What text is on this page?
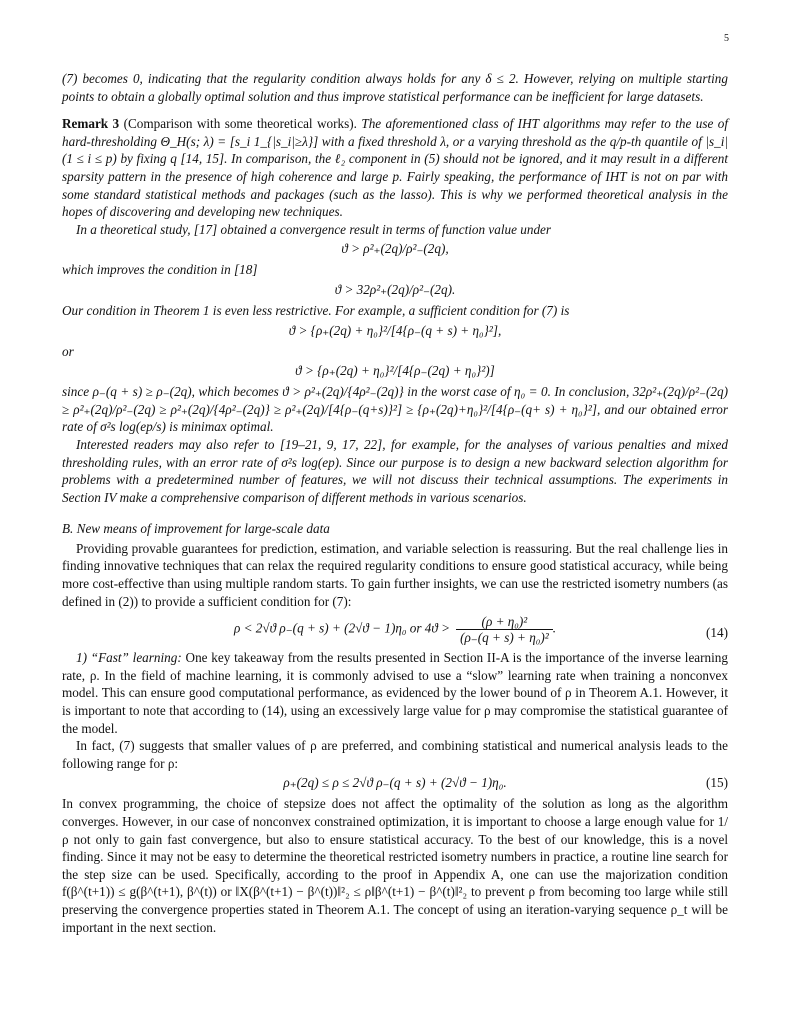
5

(7) becomes 0, indicating that the regularity condition always holds for any δ ≤ 2. However, relying on multiple starting points to obtain a globally optimal solution and thus improve statistical performance can be inefficient for large datasets.

Remark 3 (Comparison with some theoretical works). The aforementioned class of IHT algorithms may refer to the use of hard-thresholding Θ_H(s; λ) = [s_i 1_{|s_i|≥λ}] with a fixed threshold λ, or a varying threshold as the q/p-th quantile of |s_i| (1 ≤ i ≤ p) by fixing q [14, 15]. In comparison, the ℓ₂ component in (5) should not be ignored, and it may result in a different sparsity pattern in the presence of high coherence and large p. Fairly speaking, the performance of IHT is not on par with some standard statistical methods and packages (such as the lasso). This is why we performed theoretical analysis in the hopes of discovering and developing new techniques.

In a theoretical study, [17] obtained a convergence result in terms of function value under

ϑ > ρ²₊(2q)/ρ²₋(2q),

which improves the condition in [18]

ϑ > 32ρ²₊(2q)/ρ²₋(2q).

Our condition in Theorem 1 is even less restrictive. For example, a sufficient condition for (7) is

ϑ > {ρ₊(2q) + η₀}²/[4{ρ₋(q + s) + η₀}²],

or

ϑ > {ρ₊(2q) + η₀}²/[4{ρ₋(2q) + η₀}²)]

since ρ₋(q + s) ≥ ρ₋(2q), which becomes ϑ > ρ²₊(2q)/{4ρ²₋(2q)} in the worst case of η₀ = 0. In conclusion, 32ρ²₊(2q)/ρ²₋(2q) ≥ ρ²₊(2q)/ρ²₋(2q) ≥ ρ²₊(2q)/{4ρ²₋(2q)} ≥ ρ²₊(2q)/[4{ρ₋(q+s)}²] ≥ {ρ₊(2q)+η₀}²/[4{ρ₋(q+ s) + η₀}²], and our obtained error rate of σ²s log(ep/s) is minimax optimal.

Interested readers may also refer to [19–21, 9, 17, 22], for example, for the analyses of various penalties and mixed thresholding rules, with an error rate of σ²s log(ep). Since our purpose is to design a new backward selection algorithm for problems with a predetermined number of features, we will not discuss their technical assumptions. The experiments in Section IV make a comprehensive comparison of different methods in various scenarios.

B. New means of improvement for large-scale data

Providing provable guarantees for prediction, estimation, and variable selection is reassuring. But the real challenge lies in finding innovative techniques that can relax the required regularity conditions to ensure good statistical accuracy, while being more cost-effective than using multiple random starts. To gain further insights, we can use the restricted isometry numbers (as defined in (2)) to provide a sufficient condition for (7):

ρ < 2√ϑ ρ₋(q + s) + (2√ϑ − 1)η₀ or $4ϑ > \frac{\text{(ρ + η₀)²}}{\text{(ρ₋(q + s) + η₀)²}}$ .	(14)

1) “Fast” learning: One key takeaway from the results presented in Section II-A is the importance of the inverse learning rate, ρ. In the field of machine learning, it is commonly advised to use a “slow” learning rate when training a nonconvex model. This can ensure good computational performance, as evidenced by the lower bound of ρ in Theorem A.1. However, it is important to note that according to (14), using an excessively large value for ρ may compromise the statistical guarantee of the model.

In fact, (7) suggests that smaller values of ρ are preferred, and combining statistical and numerical analysis leads to the following range for ρ:

ρ₊(2q) ≤ ρ ≤ 2√ϑ ρ₋(q + s) + (2√ϑ − 1)η₀.	(15)

In convex programming, the choice of stepsize does not affect the optimality of the solution as long as the algorithm converges. However, in our case of nonconvex constrained optimization, it is important to choose a large enough value for 1/ρ not only to gain fast convergence, but also to ensure statistical accuracy. To the best of our knowledge, this is a novel finding. Since it may not be easy to determine the theoretical restricted isometry numbers in practice, a routine line search for the step size can be used. Specifically, according to the proof in Appendix A, one can use the majorization condition f(β^(t+1)) ≤ g(β^(t+1), β^(t)) or ‖X(β^(t+1) − β^(t))‖²₂ ≤ ρ‖β^(t+1) − β^(t)‖²₂ to prevent ρ from becoming too large while still preserving the convergence properties stated in Theorem A.1. The concept of using an iteration-varying sequence ρ_t will be important in the next section.
